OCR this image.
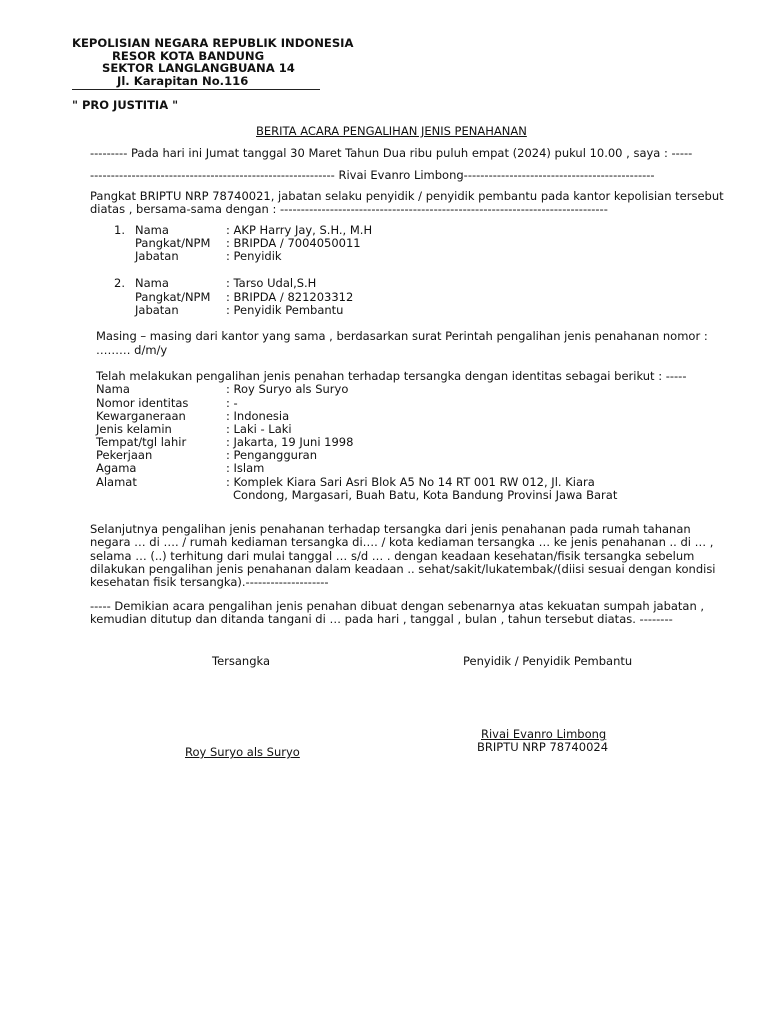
KEPOLISIAN NEGARA REPUBLIK INDONESIA
RESOR KOTA BANDUNG
SEKTOR LANGLANGBUANA 14
Jl. Karapitan No.116
" PRO JUSTITIA "
BERITA ACARA PENGALIHAN JENIS PENAHANAN
--------- Pada hari ini Jumat tanggal 30 Maret Tahun Dua ribu puluh empat (2024) pukul 10.00 , saya : -----
----------------------------------------------------------- Rivai Evanro Limbong----------------------------------------------
Pangkat BRIPTU NRP 78740021, jabatan selaku penyidik / penyidik pembantu pada kantor kepolisian tersebut
diatas , bersama-sama dengan : -------------------------------------------------------------------------------
1. Nama	: AKP Harry Jay, S.H., M.H
Pangkat/NPM : BRIPDA / 7004050011
Jabatan	: Penyidik
2. Nama	: Tarso Udal,S.H
Pangkat/NPM : BRIPDA / 821203312
Jabatan	: Penyidik Pembantu
Masing – masing dari kantor yang sama , berdasarkan surat Perintah pengalihan jenis penahanan nomor :
……… d/m/y
Telah melakukan pengalihan jenis penahan terhadap tersangka dengan identitas sebagai berikut : -----
Nama	: Roy Suryo als Suryo
Nomor identitas	: -
Kewarganeraan	: Indonesia
Jenis kelamin	: Laki - Laki
Tempat/tgl lahir	: Jakarta, 19 Juni 1998
Pekerjaan	: Pengangguran
Agama	: Islam
Alamat	: Komplek Kiara Sari Asri Blok A5 No 14 RT 001 RW 012, Jl. Kiara
Condong, Margasari, Buah Batu, Kota Bandung Provinsi Jawa Barat
Selanjutnya pengalihan jenis penahanan terhadap tersangka dari jenis penahanan pada rumah tahanan
negara … di …. / rumah kediaman tersangka di…. / kota kediaman tersangka … ke jenis penahanan .. di … ,
selama … (..) terhitung dari mulai tanggal … s/d … . dengan keadaan kesehatan/fisik tersangka sebelum
dilakukan pengalihan jenis penahanan dalam keadaan .. sehat/sakit/lukatembak/(diisi sesuai dengan kondisi
kesehatan fisik tersangka).--------------------
----- Demikian acara pengalihan jenis penahan dibuat dengan sebenarnya atas kekuatan sumpah jabatan ,
kemudian ditutup dan ditanda tangani di … pada hari , tanggal , bulan , tahun tersebut diatas. --------
Tersangka	Penyidik / Penyidik Pembantu
Rivai Evanro Limbong
BRIPTU NRP 78740024
Roy Suryo als Suryo
